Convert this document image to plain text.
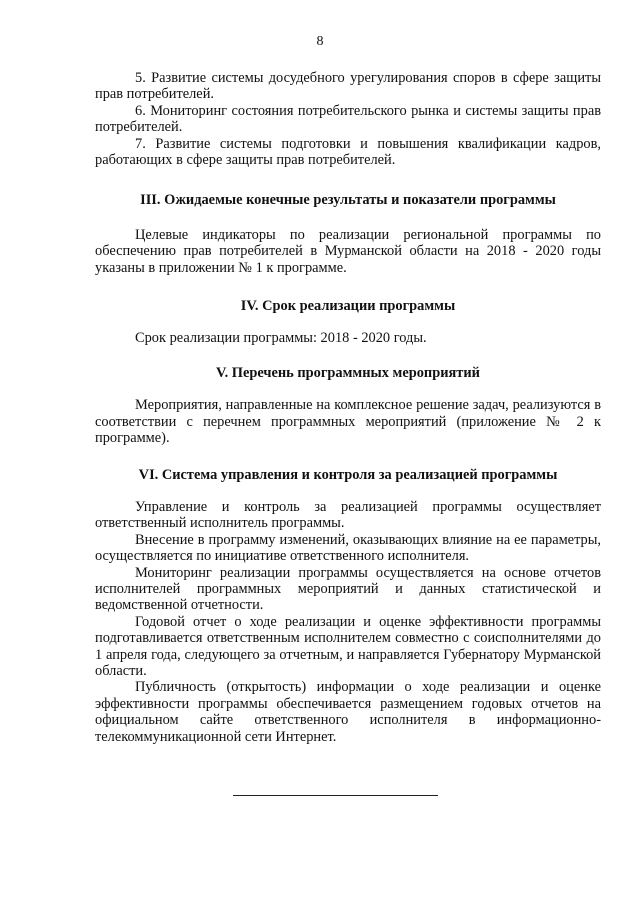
8

5. Развитие системы досудебного урегулирования споров в сфере защиты прав потребителей.

6. Мониторинг состояния потребительского рынка и системы защиты прав потребителей.

7. Развитие системы подготовки и повышения квалификации кадров, работающих в сфере защиты прав потребителей.

III. Ожидаемые конечные результаты и показатели программы

Целевые индикаторы по реализации региональной программы по обеспечению прав потребителей в Мурманской области на 2018 - 2020 годы указаны в приложении № 1 к программе.

IV. Срок реализации программы

Срок реализации программы: 2018 - 2020 годы.

V. Перечень программных мероприятий

Мероприятия, направленные на комплексное решение задач, реализуются в соответствии с перечнем программных мероприятий (приложение № 2 к программе).

VI. Система управления и контроля за реализацией программы

Управление и контроль за реализацией программы осуществляет ответственный исполнитель программы.

Внесение в программу изменений, оказывающих влияние на ее параметры, осуществляется по инициативе ответственного исполнителя.

Мониторинг реализации программы осуществляется на основе отчетов исполнителей программных мероприятий и данных статистической и ведомственной отчетности.

Годовой отчет о ходе реализации и оценке эффективности программы подготавливается ответственным исполнителем совместно с соисполнителями до 1 апреля года, следующего за отчетным, и направляется Губернатору Мурманской области.

Публичность (открытость) информации о ходе реализации и оценке эффективности программы обеспечивается размещением годовых отчетов на официальном сайте ответственного исполнителя в информационно-телекоммуникационной сети Интернет.
